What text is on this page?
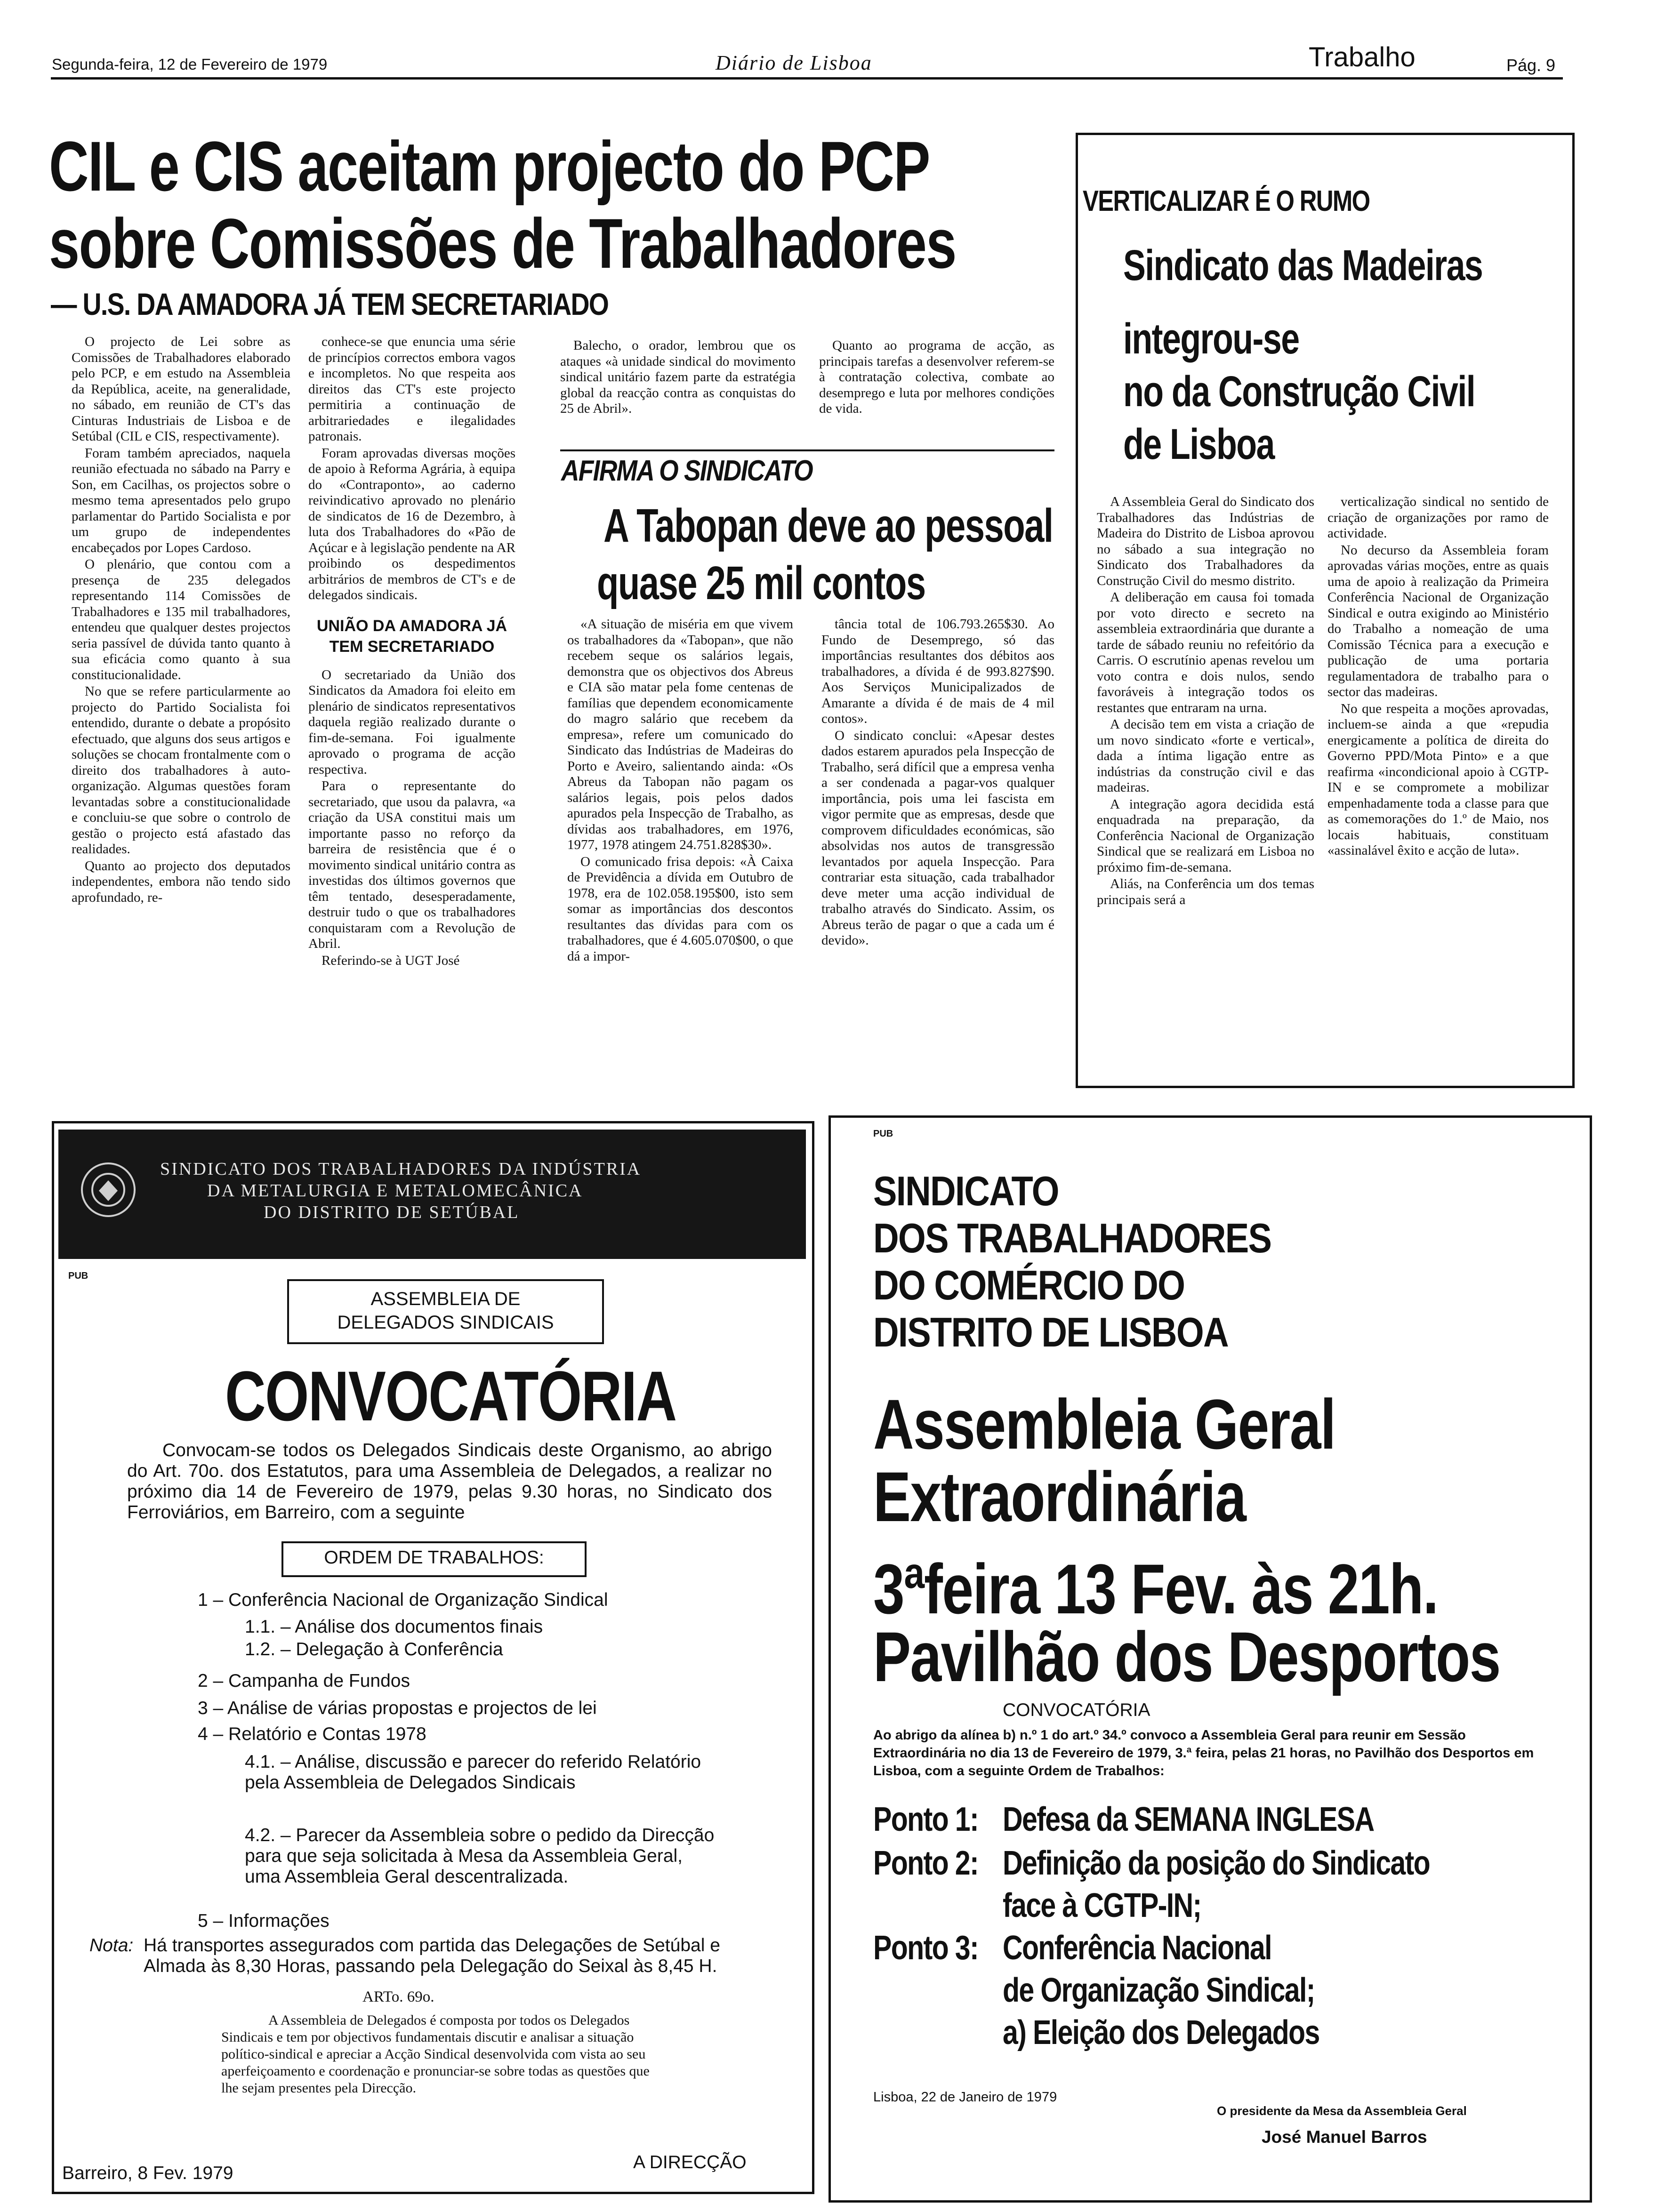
Segunda-feira, 12 de Fevereiro de 1979	Diário de Lisboa	Trabalho	Pág. 9
CIL e CIS aceitam projecto do PCP
sobre Comissões de Trabalhadores
— U.S. DA AMADORA JÁ TEM SECRETARIADO

O projecto de Lei sobre as Comissões de Trabalhadores elaborado pelo PCP, e em estudo na Assembleia da República, aceite, na generalidade, no sábado, em reunião de CT's das Cinturas Industriais de Lisboa e de Setúbal (CIL e CIS, respectivamente).

Foram também apreciados, naquela reunião efectuada no sábado na Parry e Son, em Cacilhas, os projectos sobre o mesmo tema apresentados pelo grupo parlamentar do Partido Socialista e por um grupo de independentes encabeçados por Lopes Cardoso.

O plenário, que contou com a presença de 235 delegados representando 114 Comissões de Trabalhadores e 135 mil trabalhadores, entendeu que qualquer destes projectos seria passível de dúvida tanto quanto à sua eficácia como quanto à sua constitucionalidade.

No que se refere particularmente ao projecto do Partido Socialista foi entendido, durante o debate a propósito efectuado, que alguns dos seus artigos e soluções se chocam frontalmente com o direito dos trabalhadores à auto-organização. Algumas questões foram levantadas sobre a constitucionalidade e concluiu-se que sobre o controlo de gestão o projecto está afastado das realidades.

Quanto ao projecto dos deputados independentes, embora não tendo sido aprofundado, re-

conhece-se que enuncia uma série de princípios correctos embora vagos e incompletos. No que respeita aos direitos das CT's este projecto permitiria a continuação de arbitrariedades e ilegalidades patronais.

Foram aprovadas diversas moções de apoio à Reforma Agrária, à equipa do «Contraponto», ao caderno reivindicativo aprovado no plenário de sindicatos de 16 de Dezembro, à luta dos Trabalhadores do «Pão de Açúcar e à legislação pendente na AR proibindo os despedimentos arbitrários de membros de CT's e de delegados sindicais.

UNIÃO DA AMADORA JÁ TEM SECRETARIADO

O secretariado da União dos Sindicatos da Amadora foi eleito em plenário de sindicatos representativos daquela região realizado durante o fim-de-semana. Foi igualmente aprovado o programa de acção respectiva.

Para o representante do secretariado, que usou da palavra, «a criação da USA constitui mais um importante passo no reforço da barreira de resistência que é o movimento sindical unitário contra as investidas dos últimos governos que têm tentado, desesperadamente, destruir tudo o que os trabalhadores conquistaram com a Revolução de Abril.

Referindo-se à UGT José

Balecho, o orador, lembrou que os ataques «à unidade sindical do movimento sindical unitário fazem parte da estratégia global da reacção contra as conquistas do 25 de Abril».

Quanto ao programa de acção, as principais tarefas a desenvolver referem-se à contratação colectiva, combate ao desemprego e luta por melhores condições de vida.

AFIRMA O SINDICATO
A Tabopan deve ao pessoal
quase 25 mil contos

«A situação de miséria em que vivem os trabalhadores da «Tabopan», que não recebem seque os salários legais, demonstra que os objectivos dos Abreus e CIA são matar pela fome centenas de famílias que dependem economicamente do magro salário que recebem da empresa», refere um comunicado do Sindicato das Indústrias de Madeiras do Porto e Aveiro, salientando ainda: «Os Abreus da Tabopan não pagam os salários legais, pois pelos dados apurados pela Inspecção de Trabalho, as dívidas aos trabalhadores, em 1976, 1977, 1978 atingem 24.751.828$30».

O comunicado frisa depois: «À Caixa de Previdência a dívida em Outubro de 1978, era de 102.058.195$00, isto sem somar as importâncias dos descontos resultantes das dívidas para com os trabalhadores, que é 4.605.070$00, o que dá a impor-

tância total de 106.793.265$30. Ao Fundo de Desemprego, só das importâncias resultantes dos débitos aos trabalhadores, a dívida é de 993.827$90. Aos Serviços Municipalizados de Amarante a dívida é de mais de 4 mil contos».

O sindicato conclui: «Apesar destes dados estarem apurados pela Inspecção de Trabalho, será difícil que a empresa venha a ser condenada a pagar-vos qualquer importância, pois uma lei fascista em vigor permite que as empresas, desde que comprovem dificuldades económicas, são absolvidas nos autos de transgressão levantados por aquela Inspecção. Para contrariar esta situação, cada trabalhador deve meter uma acção individual de trabalho através do Sindicato. Assim, os Abreus terão de pagar o que a cada um é devido».

VERTICALIZAR É O RUMO
Sindicato das Madeiras
integrou-se
no da Construção Civil
de Lisboa

A Assembleia Geral do Sindicato dos Trabalhadores das Indústrias de Madeira do Distrito de Lisboa aprovou no sábado a sua integração no Sindicato dos Trabalhadores da Construção Civil do mesmo distrito.

A deliberação em causa foi tomada por voto directo e secreto na assembleia extraordinária que durante a tarde de sábado reuniu no refeitório da Carris. O escrutínio apenas revelou um voto contra e dois nulos, sendo favoráveis à integração todos os restantes que entraram na urna.

A decisão tem em vista a criação de um novo sindicato «forte e vertical», dada a íntima ligação entre as indústrias da construção civil e das madeiras.

A integração agora decidida está enquadrada na preparação, da Conferência Nacional de Organização Sindical que se realizará em Lisboa no próximo fim-de-semana.

Aliás, na Conferência um dos temas principais será a

verticalização sindical no sentido de criação de organizações por ramo de actividade.

No decurso da Assembleia foram aprovadas várias moções, entre as quais uma de apoio à realização da Primeira Conferência Nacional de Organização Sindical e outra exigindo ao Ministério do Trabalho a nomeação de uma Comissão Técnica para a execução e publicação de uma portaria regulamentadora de trabalho para o sector das madeiras.

No que respeita a moções aprovadas, incluem-se ainda a que «repudia energicamente a política de direita do Governo PPD/Mota Pinto» e a que reafirma «incondicional apoio à CGTP-IN e se compromete a mobilizar empenhadamente toda a classe para que as comemorações do 1.º de Maio, nos locais habituais, constituam «assinalável êxito e acção de luta».

SINDICATO DOS TRABALHADORES DA INDÚSTRIA
DA METALURGIA E METALOMECÂNICA
DO DISTRITO DE SETÚBAL
PUB
ASSEMBLEIA DE
DELEGADOS SINDICAIS
CONVOCATÓRIA
Convocam-se todos os Delegados Sindicais deste Organismo, ao abrigo do Art. 70o. dos Estatutos, para uma Assembleia de Delegados, a realizar no próximo dia 14 de Fevereiro de 1979, pelas 9.30 horas, no Sindicato dos Ferroviários, em Barreiro, com a seguinte
ORDEM DE TRABALHOS:
1 – Conferência Nacional de Organização Sindical
1.1. – Análise dos documentos finais
1.2. – Delegação à Conferência
2 – Campanha de Fundos
3 – Análise de várias propostas e projectos de lei
4 – Relatório e Contas 1978
4.1. – Análise, discussão e parecer do referido Relatório pela Assembleia de Delegados Sindicais
4.2. – Parecer da Assembleia sobre o pedido da Direcção para que seja solicitada à Mesa da Assembleia Geral, uma Assembleia Geral descentralizada.
5 – Informações
Nota: Há transportes assegurados com partida das Delegações de Setúbal e Almada às 8,30 Horas, passando pela Delegação do Seixal às 8,45 H.
ARTo. 69o.
A Assembleia de Delegados é composta por todos os Delegados Sindicais e tem por objectivos fundamentais discutir e analisar a situação político-sindical e apreciar a Acção Sindical desenvolvida com vista ao seu aperfeiçoamento e coordenação e pronunciar-se sobre todas as questões que lhe sejam presentes pela Direcção.
Barreiro, 8 Fev. 1979
A DIRECÇÃO
PUB
SINDICATO
DOS TRABALHADORES
DO COMÉRCIO DO
DISTRITO DE LISBOA
Assembleia Geral
Extraordinária
3ªfeira 13 Fev. às 21h.
Pavilhão dos Desportos
CONVOCATÓRIA
Ao abrigo da alínea b) n.º 1 do art.º 34.º convoco a Assembleia Geral para reunir em Sessão Extraordinária no dia 13 de Fevereiro de 1979, 3.ª feira, pelas 21 horas, no Pavilhão dos Desportos em Lisboa, com a seguinte Ordem de Trabalhos:
Ponto 1: Defesa da SEMANA INGLESA
Ponto 2: Definição da posição do Sindicato
face à CGTP-IN;
Ponto 3: Conferência Nacional
de Organização Sindical;
a) Eleição dos Delegados
Lisboa, 22 de Janeiro de 1979
O presidente da Mesa da Assembleia Geral
José Manuel Barros
